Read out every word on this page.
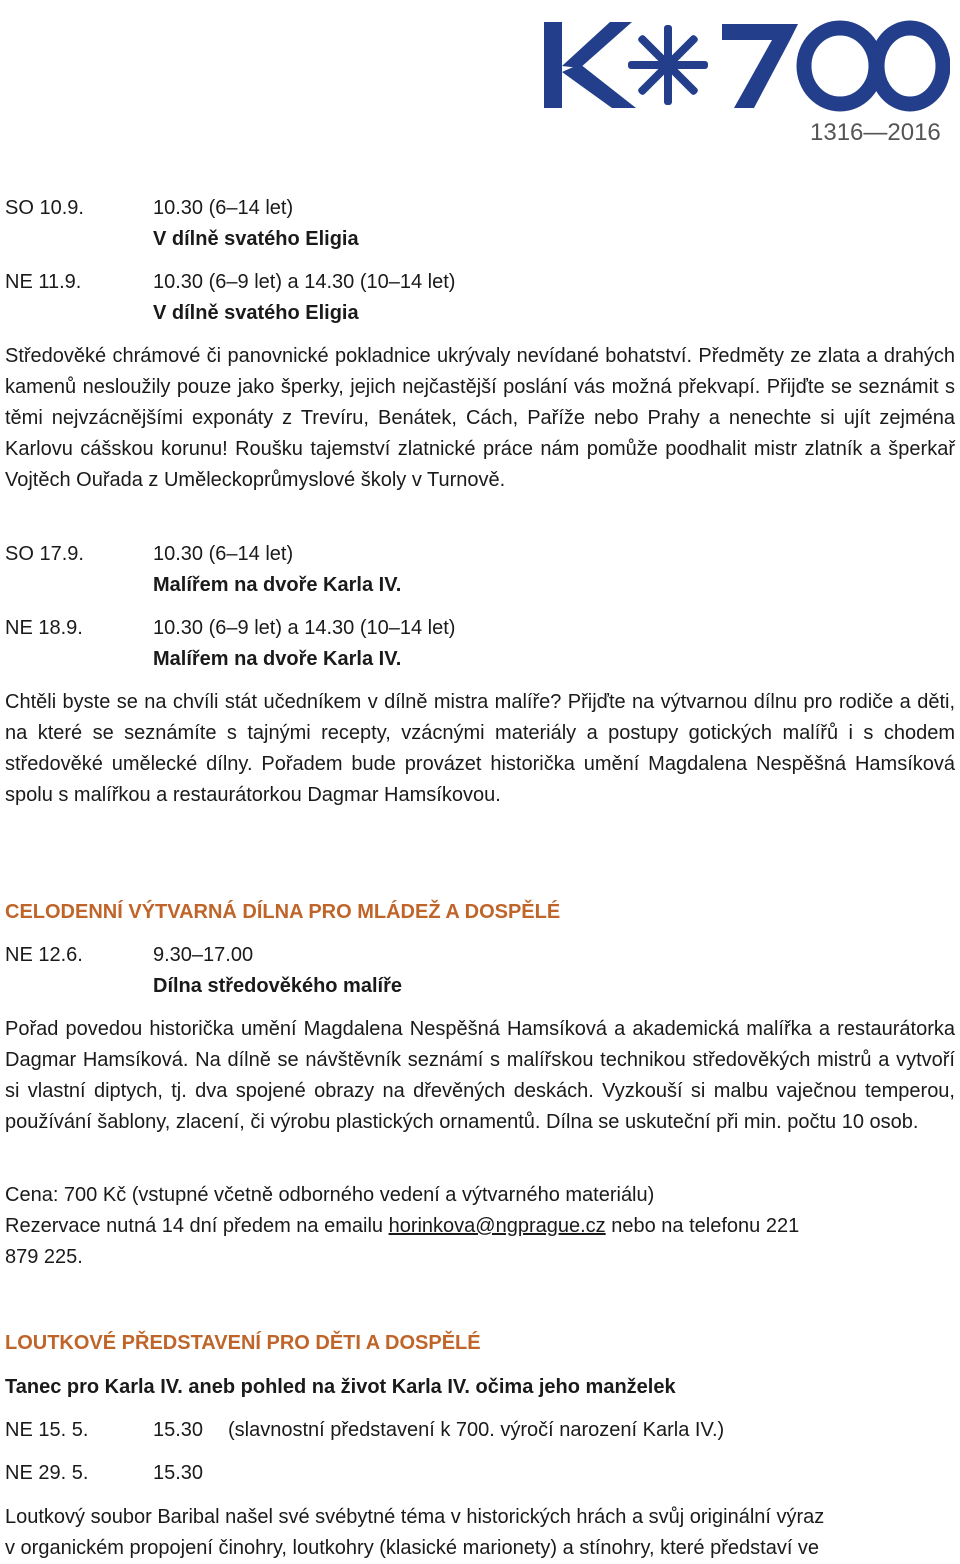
1316—2016
SO 10.9.	10.30 (6–14 let)
V dílně svatého Eligia
NE 11.9.	10.30 (6–9 let) a 14.30 (10–14 let)
V dílně svatého Eligia
Středověké chrámové či panovnické pokladnice ukrývaly nevídané bohatství. Předměty ze zlata a drahých kamenů nesloužily pouze jako šperky, jejich nejčastější poslání vás možná překvapí. Přijďte se seznámit s těmi nejvzácnějšími exponáty z Trevíru, Benátek, Cách, Paříže nebo Prahy a nenechte si ujít zejména Karlovu cášskou korunu! Roušku tajemství zlatnické práce nám pomůže poodhalit mistr zlatník a šperkař Vojtěch Ouřada z Uměleckoprůmyslové školy v Turnově.
SO 17.9.	10.30 (6–14 let)
Malířem na dvoře Karla IV.
NE 18.9.	10.30 (6–9 let) a 14.30 (10–14 let)
Malířem na dvoře Karla IV.
Chtěli byste se na chvíli stát učedníkem v dílně mistra malíře? Přijďte na výtvarnou dílnu pro rodiče a děti, na které se seznámíte s tajnými recepty, vzácnými materiály a postupy gotických malířů i s chodem středověké umělecké dílny. Pořadem bude provázet historička umění Magdalena Nespěšná Hamsíková spolu s malířkou a restaurátorkou Dagmar Hamsíkovou.
CELODENNÍ VÝTVARNÁ DÍLNA PRO MLÁDEŽ A DOSPĚLÉ
NE 12.6.	9.30–17.00
Dílna středověkého malíře
Pořad povedou historička umění Magdalena Nespěšná Hamsíková a akademická malířka a restaurátorka Dagmar Hamsíková. Na dílně se návštěvník seznámí s malířskou technikou středověkých mistrů a vytvoří si vlastní diptych, tj. dva spojené obrazy na dřevěných deskách. Vyzkouší si malbu vaječnou temperou, používání šablony, zlacení, či výrobu plastických ornamentů. Dílna se uskuteční při min. počtu 10 osob.
Cena: 700 Kč (vstupné včetně odborného vedení a výtvarného materiálu)
Rezervace nutná 14 dní předem na emailu horinkova@ngprague.cz nebo na telefonu 221
879 225.
LOUTKOVÉ PŘEDSTAVENÍ PRO DĚTI A DOSPĚLÉ
Tanec pro Karla IV. aneb pohled na život Karla IV. očima jeho manželek
NE 15. 5.	15.30 (slavnostní představení k 700. výročí narození Karla IV.)
NE 29. 5.	15.30
Loutkový soubor Baribal našel své svébytné téma v historických hrách a svůj originální výraz
v organickém propojení činohry, loutkohry (klasické marionety) a stínohry, které představí ve
